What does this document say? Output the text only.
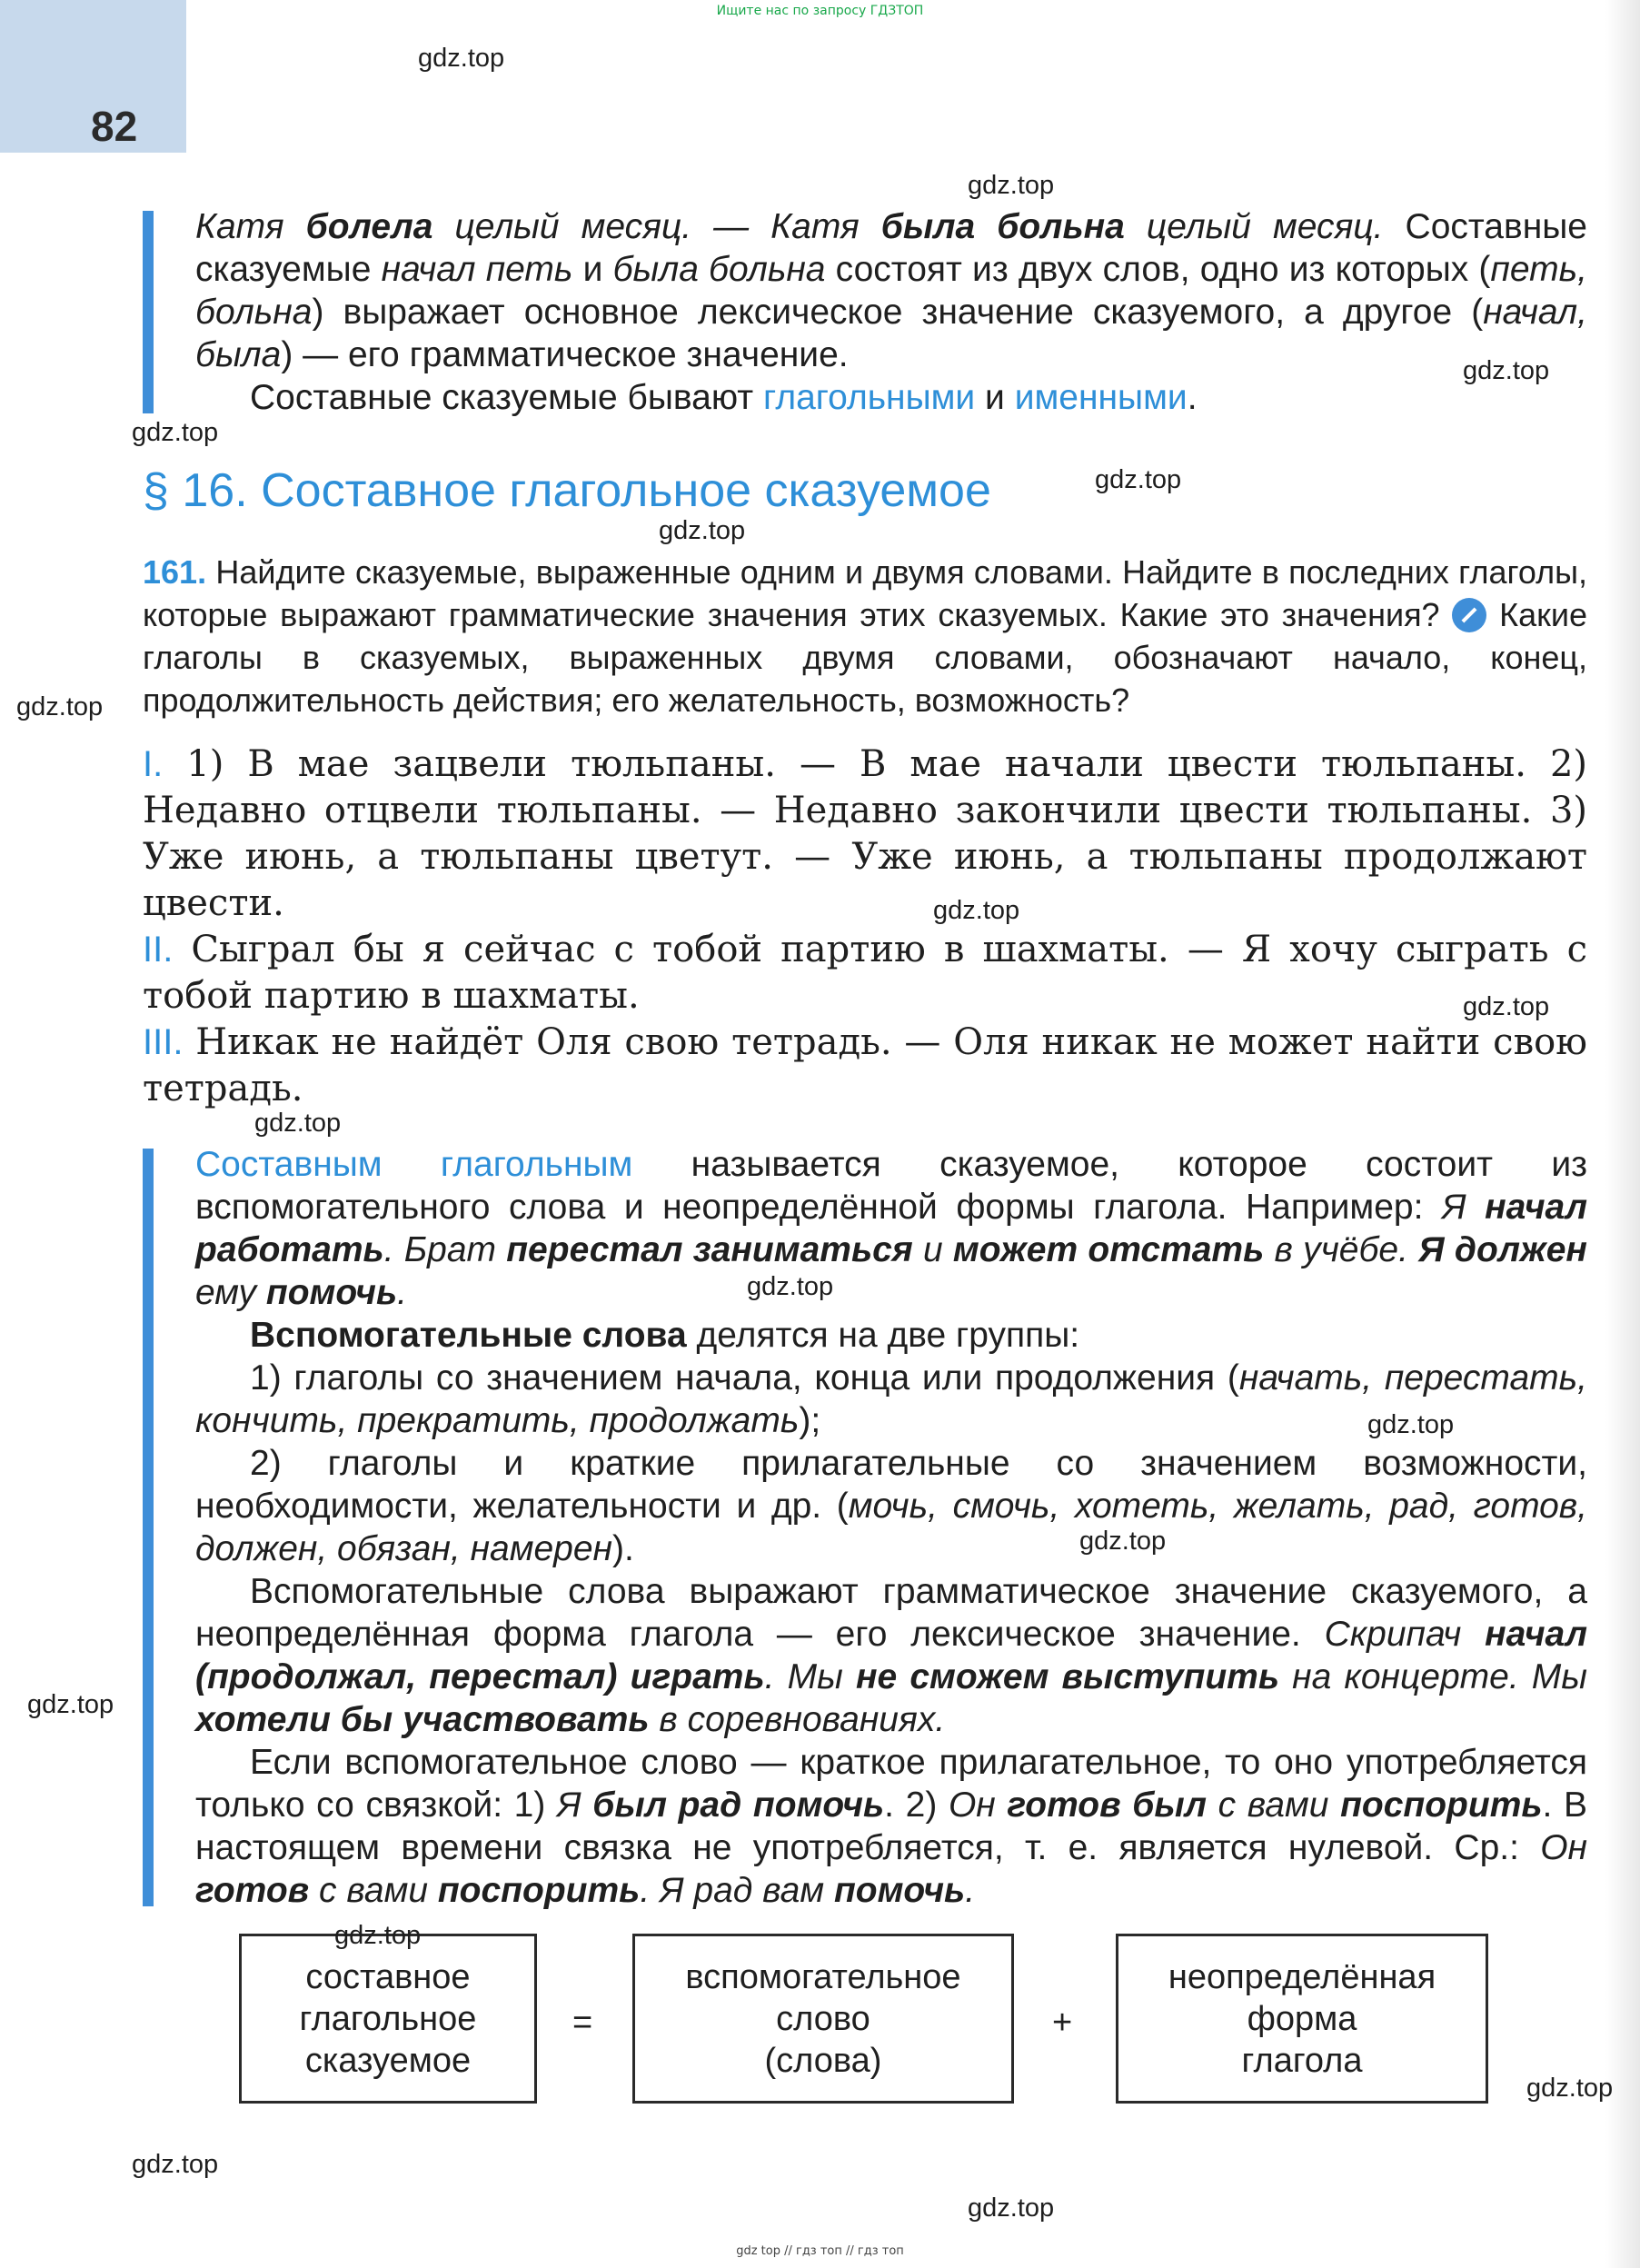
Ищите нас по запросу ГДЗТОП
82

Катя болела целый месяц. — Катя была больна целый месяц. Составные сказуемые начал петь и была больна состоят из двух слов, одно из которых (петь, больна) выражает основное лексическое значение сказуемого, а другое (начал, была) — его грамматическое значение.

Составные сказуемые бывают глагольными и именными.

§ 16. Составное глагольное сказуемое
161. Найдите сказуемые, выраженные одним и двумя словами. Найдите в последних глаголы, которые выражают грамматические значения этих сказуемых. Какие это значения?  Какие глаголы в сказуемых, выраженных двумя словами, обозначают начало, конец, продолжительность действия; его желательность, возможность?

I. 1) В мае зацвели тюльпаны. — В мае начали цвести тюльпаны. 2) Недавно отцвели тюльпаны. — Недавно закончили цвести тюльпаны. 3) Уже июнь, а тюльпаны цветут. — Уже июнь, а тюльпаны продолжают цвести.

II. Сыграл бы я сейчас с тобой партию в шахматы. — Я хочу сыграть с тобой партию в шахматы.

III. Никак не найдёт Оля свою тетрадь. — Оля никак не может найти свою тетрадь.

Составным глагольным называется сказуемое, которое состоит из вспомогательного слова и неопределённой формы глагола. Например: Я начал работать. Брат перестал заниматься и может отстать в учёбе. Я должен ему помочь.

Вспомогательные слова делятся на две группы:

1) глаголы со значением начала, конца или продолжения (начать, перестать, кончить, прекратить, продолжать);

2) глаголы и краткие прилагательные со значением возможности, необходимости, желательности и др. (мочь, смочь, хотеть, желать, рад, готов, должен, обязан, намерен).

Вспомогательные слова выражают грамматическое значение сказуемого, а неопределённая форма глагола — его лексическое значение. Скрипач начал (продолжал, перестал) играть. Мы не сможем выступить на концерте. Мы хотели бы участвовать в соревнованиях.

Если вспомогательное слово — краткое прилагательное, то оно употребляется только со связкой: 1) Я был рад помочь. 2) Он готов был с вами поспорить. В настоящем времени связка не употребляется, т. е. является нулевой. Ср.: Он готов с вами поспорить. Я рад вам помочь.

составное
глагольное
сказуемое
=
вспомогательное
слово
(слова)
+
неопределённая
форма
глагола
gdz.top
gdz.top
gdz.top
gdz.top
gdz.top
gdz.top
gdz.top
gdz.top
gdz.top
gdz.top
gdz.top
gdz.top
gdz.top
gdz.top
gdz.top
gdz.top
gdz.top
gdz.top
gdz top // гдз топ // гдз топ
